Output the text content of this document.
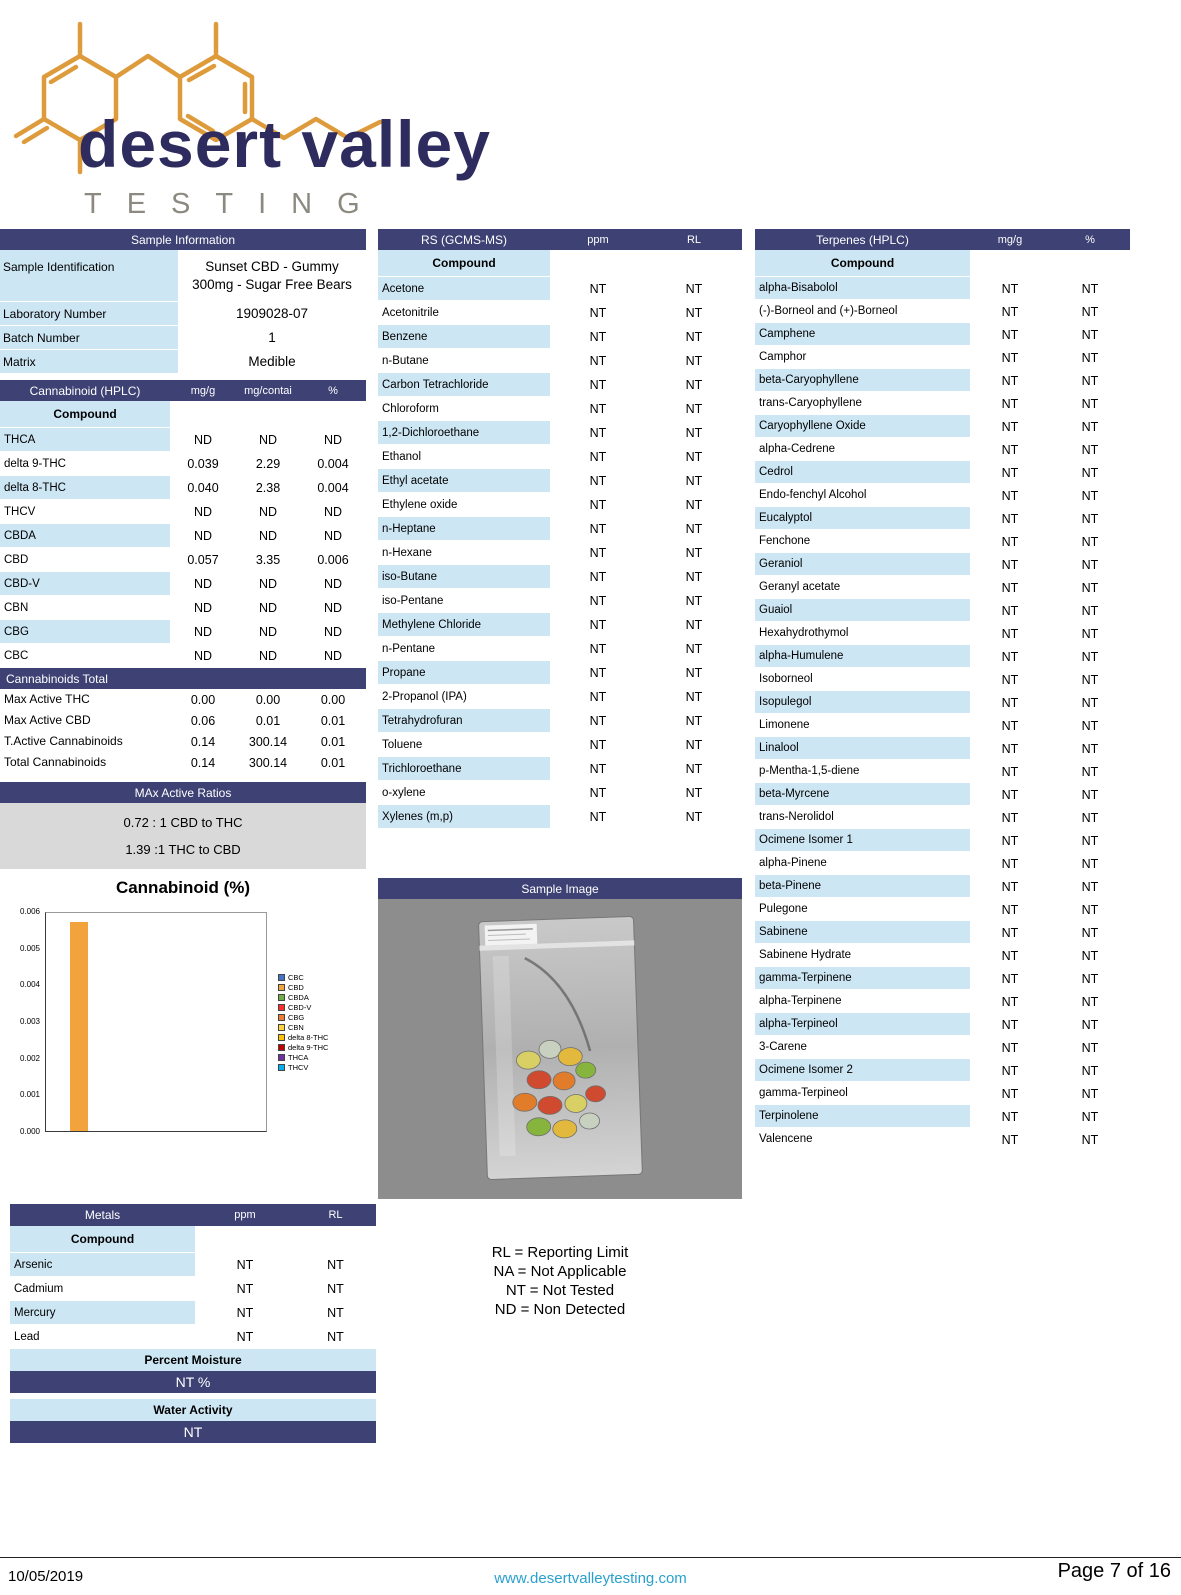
desert valley
TESTING
Sample Information
Sample Identification	Sunset CBD - Gummy 300mg - Sugar Free Bears
Laboratory Number	1909028-07
Batch Number	1
Matrix	Medible
Cannabinoid (HPLC)	mg/g	mg/contai	%
Compound
THCA	ND	ND	ND
delta 9-THC	0.039	2.29	0.004
delta 8-THC	0.040	2.38	0.004
THCV	ND	ND	ND
CBDA	ND	ND	ND
CBD	0.057	3.35	0.006
CBD-V	ND	ND	ND
CBN	ND	ND	ND
CBG	ND	ND	ND
CBC	ND	ND	ND
Cannabinoids Total
Max Active THC	0.00	0.00	0.00
Max Active CBD	0.06	0.01	0.01
T.Active Cannabinoids	0.14	300.14	0.01
Total Cannabinoids	0.14	300.14	0.01
MAx Active Ratios
0.72 : 1 CBD to THC
1.39 :1 THC to CBD
Cannabinoid (%)
0.000
0.001
0.002
0.003
0.004
0.005
0.006
CBC
CBD
CBDA
CBD-V
CBG
CBN
delta 8-THC
delta 9-THC
THCA
THCV
RS (GCMS-MS)	ppm	RL
Compound
Acetone	NT	NT
Acetonitrile	NT	NT
Benzene	NT	NT
n-Butane	NT	NT
Carbon Tetrachloride	NT	NT
Chloroform	NT	NT
1,2-Dichloroethane	NT	NT
Ethanol	NT	NT
Ethyl acetate	NT	NT
Ethylene oxide	NT	NT
n-Heptane	NT	NT
n-Hexane	NT	NT
iso-Butane	NT	NT
iso-Pentane	NT	NT
Methylene Chloride	NT	NT
n-Pentane	NT	NT
Propane	NT	NT
2-Propanol (IPA)	NT	NT
Tetrahydrofuran	NT	NT
Toluene	NT	NT
Trichloroethane	NT	NT
o-xylene	NT	NT
Xylenes (m,p)	NT	NT
Sample Image
RL = Reporting Limit
NA = Not Applicable
NT = Not Tested
ND = Non Detected
Terpenes (HPLC)	mg/g	%
Compound
alpha-Bisabolol	NT	NT
(-)-Borneol and (+)-Borneol	NT	NT
Camphene	NT	NT
Camphor	NT	NT
beta-Caryophyllene	NT	NT
trans-Caryophyllene	NT	NT
Caryophyllene Oxide	NT	NT
alpha-Cedrene	NT	NT
Cedrol	NT	NT
Endo-fenchyl Alcohol	NT	NT
Eucalyptol	NT	NT
Fenchone	NT	NT
Geraniol	NT	NT
Geranyl acetate	NT	NT
Guaiol	NT	NT
Hexahydrothymol	NT	NT
alpha-Humulene	NT	NT
Isoborneol	NT	NT
Isopulegol	NT	NT
Limonene	NT	NT
Linalool	NT	NT
p-Mentha-1,5-diene	NT	NT
beta-Myrcene	NT	NT
trans-Nerolidol	NT	NT
Ocimene Isomer 1	NT	NT
alpha-Pinene	NT	NT
beta-Pinene	NT	NT
Pulegone	NT	NT
Sabinene	NT	NT
Sabinene Hydrate	NT	NT
gamma-Terpinene	NT	NT
alpha-Terpinene	NT	NT
alpha-Terpineol	NT	NT
3-Carene	NT	NT
Ocimene Isomer 2	NT	NT
gamma-Terpineol	NT	NT
Terpinolene	NT	NT
Valencene	NT	NT
Metals	ppm	RL
Compound
Arsenic	NT	NT
Cadmium	NT	NT
Mercury	NT	NT
Lead	NT	NT
Percent Moisture
NT %
Water Activity
NT
10/05/2019	www.desertvalleytesting.com	Page 7 of 16
